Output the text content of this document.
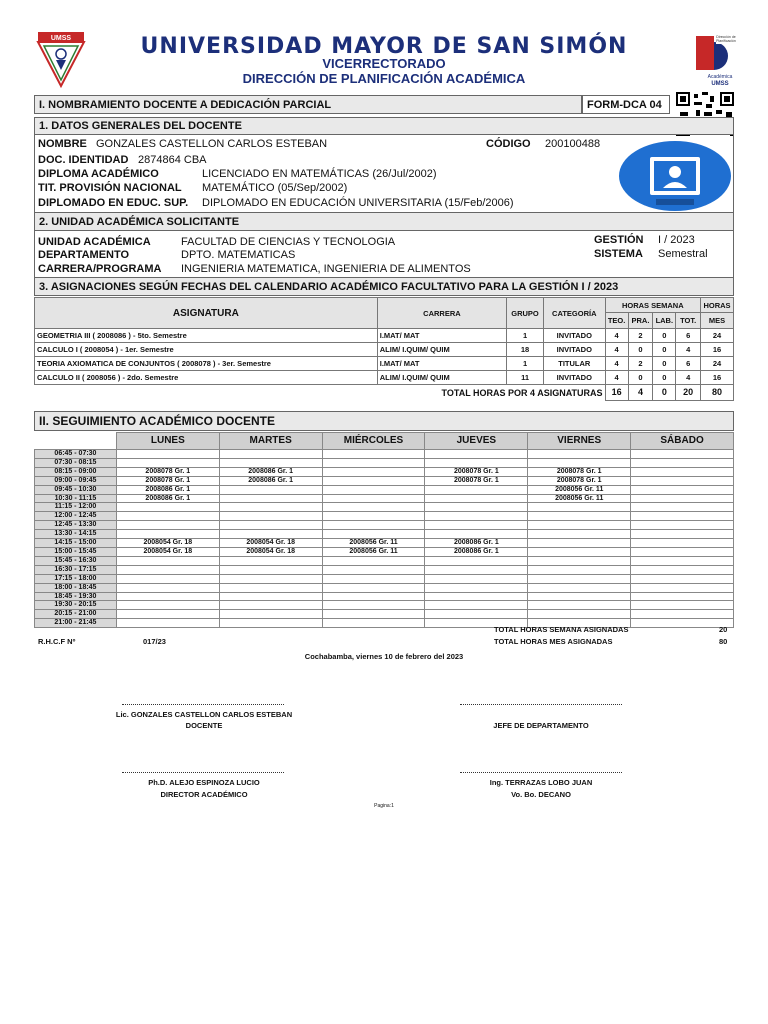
UMSS	UNIVERSIDAD MAYOR DE SAN SIMÓN
VICERRECTORADO
DIRECCIÓN DE PLANIFICACIÓN ACADÉMICA
Dirección de
Planificación
Académica
UMSS
I. NOMBRAMIENTO DOCENTE A DEDICACIÓN PARCIAL	FORM-DCA 04
1. DATOS GENERALES DEL DOCENTE
NOMBRE GONZALES CASTELLON CARLOS ESTEBAN	CÓDIGO 200100488
DOC. IDENTIDAD 2874864 CBA
DIPLOMA ACADÉMICO	LICENCIADO EN MATEMÁTICAS (26/Jul/2002)
TIT. PROVISIÓN NACIONAL MATEMÁTICO (05/Sep/2002)
DIPLOMADO EN EDUC. SUP. DIPLOMADO EN EDUCACIÓN UNIVERSITARIA (15/Feb/2006)
2. UNIDAD ACADÉMICA SOLICITANTE
UNIDAD ACADÉMICA	FACULTAD DE CIENCIAS Y TECNOLOGIA
DEPARTAMENTO	DPTO. MATEMATICAS
CARRERA/PROGRAMA INGENIERIA MATEMATICA, INGENIERIA DE ALIMENTOS
GESTIÓN I / 2023
SISTEMA Semestral
3. ASIGNACIONES SEGÚN FECHAS DEL CALENDARIO ACADÉMICO FACULTATIVO PARA LA GESTIÓN I / 2023
ASIGNATURA	CARRERA	GRUPO	CATEGORÍA	HORAS SEMANA				HORAS
				TEO.	PRA.	LAB.	TOT.	MES
GEOMETRIA III ( 2008086 ) - 5to. Semestre	I.MAT/ MAT	1	INVITADO	4	2	0	6	24
CALCULO I ( 2008054 ) - 1er. Semestre	ALIM/ I.QUIM/ QUIM	18	INVITADO	4	0	0	4	16
TEORIA AXIOMATICA DE CONJUNTOS ( 2008078 ) - 3er. Semestre	I.MAT/ MAT	1	TITULAR	4	2	0	6	24
CALCULO II ( 2008056 ) - 2do. Semestre	ALIM/ I.QUIM/ QUIM	11	INVITADO	4	0	0	4	16
TOTAL HORAS POR 4 ASIGNATURAS				16	4	0	20	80
II. SEGUIMIENTO ACADÉMICO DOCENTE
	LUNES	MARTES	MIÉRCOLES	JUEVES	VIERNES	SÁBADO
06:45 - 07:30						
07:30 - 08:15						
08:15 - 09:00	2008078 Gr. 1	2008086 Gr. 1		2008078 Gr. 1	2008078 Gr. 1	
09:00 - 09:45	2008078 Gr. 1	2008086 Gr. 1		2008078 Gr. 1	2008078 Gr. 1	
09:45 - 10:30	2008086 Gr. 1				2008056 Gr. 11	
10:30 - 11:15	2008086 Gr. 1				2008056 Gr. 11	
11:15 - 12:00						
12:00 - 12:45						
12:45 - 13:30						
13:30 - 14:15						
14:15 - 15:00	2008054 Gr. 18	2008054 Gr. 18	2008056 Gr. 11	2008086 Gr. 1		
15:00 - 15:45	2008054 Gr. 18	2008054 Gr. 18	2008056 Gr. 11	2008086 Gr. 1		
15:45 - 16:30						
16:30 - 17:15						
17:15 - 18:00						
18:00 - 18:45						
18:45 - 19:30						
19:30 - 20:15						
20:15 - 21:00						
21:00 - 21:45						
TOTAL HORAS SEMANA ASIGNADAS	20
TOTAL HORAS MES ASIGNADAS	80
R.H.C.F Nº	017/23
Cochabamba, viernes 10 de febrero del 2023
Lic. GONZALES CASTELLON CARLOS ESTEBAN
DOCENTE	JEFE DE DEPARTAMENTO
Ph.D. ALEJO ESPINOZA LUCIO
DIRECTOR ACADÉMICO
Ing. TERRAZAS LOBO JUAN
Vo. Bo. DECANO
Pagina:1
